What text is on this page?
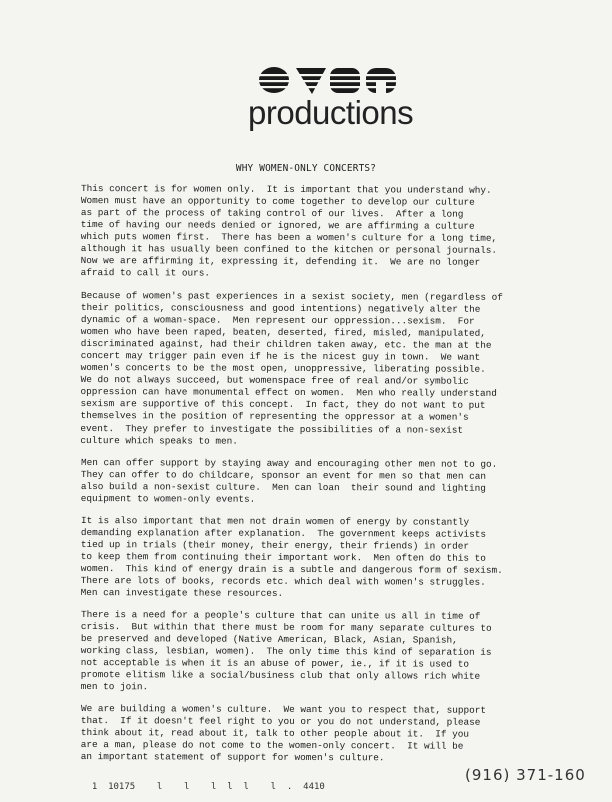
productions
WHY WOMEN-ONLY CONCERTS?
This concert is for women only.  It is important that you understand why.
Women must have an opportunity to come together to develop our culture
as part of the process of taking control of our lives.  After a long
time of having our needs denied or ignored, we are affirming a culture
which puts women first.  There has been a women's culture for a long time,
although it has usually been confined to the kitchen or personal journals.
Now we are affirming it, expressing it, defending it.  We are no longer
afraid to call it ours.
Because of women's past experiences in a sexist society, men (regardless of
their politics, consciousness and good intentions) negatively alter the
dynamic of a woman-space.  Men represent our oppression...sexism.  For
women who have been raped, beaten, deserted, fired, misled, manipulated,
discriminated against, had their children taken away, etc. the man at the
concert may trigger pain even if he is the nicest guy in town.  We want
women's concerts to be the most open, unoppressive, liberating possible.
We do not always succeed, but womenspace free of real and/or symbolic
oppression can have monumental effect on women.  Men who really understand
sexism are supportive of this concept.  In fact, they do not want to put
themselves in the position of representing the oppressor at a women's
event.  They prefer to investigate the possibilities of a non-sexist
culture which speaks to men.
Men can offer support by staying away and encouraging other men not to go.
They can offer to do childcare, sponsor an event for men so that men can
also build a non-sexist culture.  Men can loan  their sound and lighting
equipment to women-only events.
It is also important that men not drain women of energy by constantly
demanding explanation after explanation.  The government keeps activists
tied up in trials (their money, their energy, their friends) in order
to keep them from continuing their important work.  Men often do this to
women.  This kind of energy drain is a subtle and dangerous form of sexism.
There are lots of books, records etc. which deal with women's struggles.
Men can investigate these resources.
There is a need for a people's culture that can unite us all in time of
crisis.  But within that there must be room for many separate cultures to
be preserved and developed (Native American, Black, Asian, Spanish,
working class, lesbian, women).  The only time this kind of separation is
not acceptable is when it is an abuse of power, ie., if it is used to
promote elitism like a social/business club that only allows rich white
men to join.
We are building a women's culture.  We want you to respect that, support
that.  If it doesn't feel right to you or you do not understand, please
think about it, read about it, talk to other people about it.  If you
are a man, please do not come to the women-only concert.  It will be
an important statement of support for women's culture.

1  10175    l    l    l  l  l    l  .  4410

(916) 371-160
